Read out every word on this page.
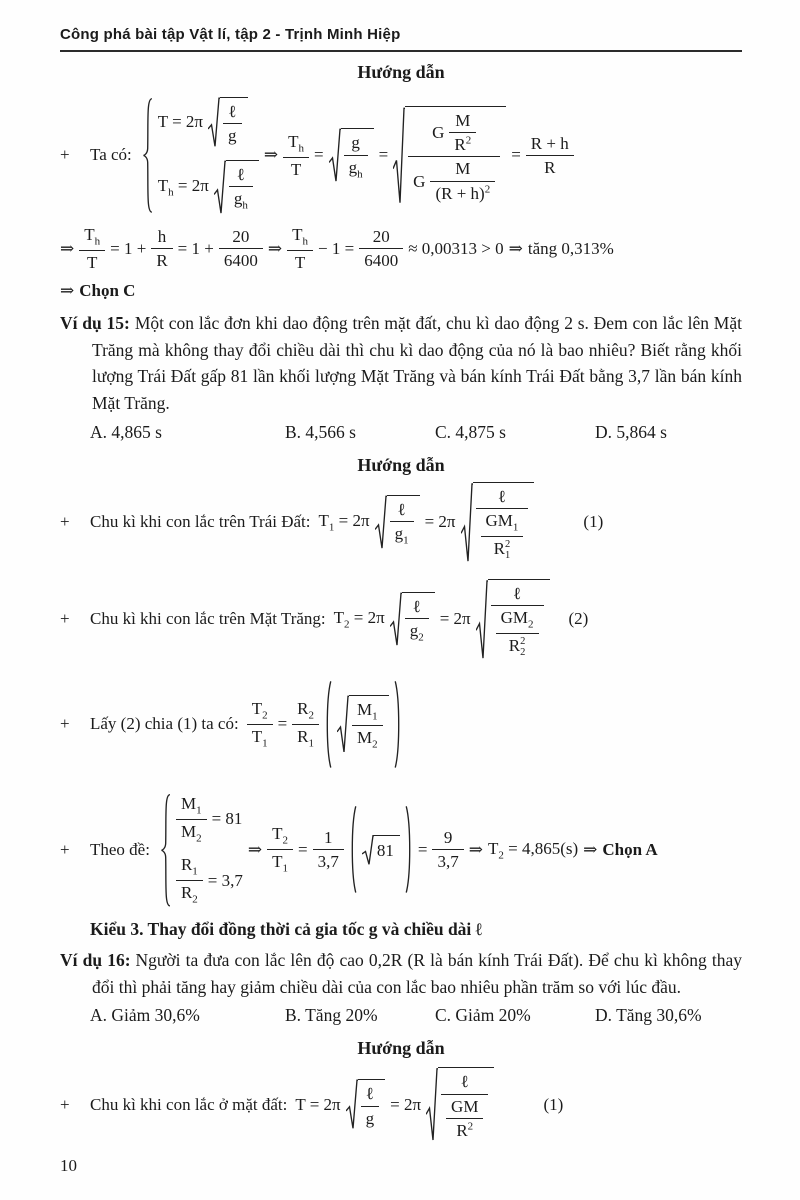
Công phá bài tập Vật lí, tập 2 - Trịnh Minh Hiệp
Hướng dẫn
+	Ta có:
$T = 2\pi \frac{\text{ℓ}}{g}$
$T_h = 2\pi \frac{\text{ℓ}}{g_h}$
⇒ $\frac{T_h}{T} = \frac{g}{g_h} = \frac{G \frac{M}{R^2}}{G \frac{M}{(R + h)^2}} = \frac{R + h}{R}$
⇒ $\frac{T_h}{T} = 1 + \frac{h}{R} = 1 + \frac{20}{6400}$ ⇒ $\frac{T_h}{T} - 1 = \frac{20}{6400} \approx 0,00313 > 0$ ⇒ tăng 0,313%
⇒ Chọn C
Ví dụ 15: Một con lắc đơn khi dao động trên mặt đất, chu kì dao động 2 s. Đem con lắc lên Mặt Trăng mà không thay đổi chiều dài thì chu kì dao động của nó là bao nhiêu? Biết rằng khối lượng Trái Đất gấp 81 lần khối lượng Mặt Trăng và bán kính Trái Đất bằng 3,7 lần bán kính Mặt Trăng.
A. 4,865 s	B. 4,566 s	C. 4,875 s	D. 5,864 s
Hướng dẫn
+	Chu kì khi con lắc trên Trái Đất: $T_1 = 2\pi \frac{\text{ℓ}}{g_1} = 2\pi$ ℓ
$GM_1$
R 2
1	(1)
+	Chu kì khi con lắc trên Mặt Trăng: $T_2 = 2\pi \frac{\text{ℓ}}{g_2} = 2\pi$ ℓ
$GM_2$
R 2
2 (2)
+	Lấy (2) chia (1) ta có: $\frac{T_2}{T_1} = \frac{R_2}{R_1} \frac{M_1}{M_2}$
+	Theo đề:
$\frac{M_1}{M_2} = 81$
$\frac{R_1}{R_2} = 3,7$
⇒ $\frac{T_2}{T_1} = \frac{1}{3,7} 81 = \frac{9}{3,7}$ ⇒ $T_2 = 4,865(s)$ ⇒ Chọn A
Kiểu 3. Thay đổi đồng thời cả gia tốc g và chiều dài ℓ
Ví dụ 16: Người ta đưa con lắc lên độ cao 0,2R (R là bán kính Trái Đất). Để chu kì không thay đổi thì phải tăng hay giảm chiều dài của con lắc bao nhiêu phần trăm so với lúc đầu.
A. Giảm 30,6%	B. Tăng 20%	C. Giảm 20%	D. Tăng 30,6%
Hướng dẫn
+	Chu kì khi con lắc ở mặt đất: $T = 2\pi \frac{\text{ℓ}}{g} = 2\pi \frac{\text{ℓ}}{\frac{GM}{R^2}}$	(1)
10
